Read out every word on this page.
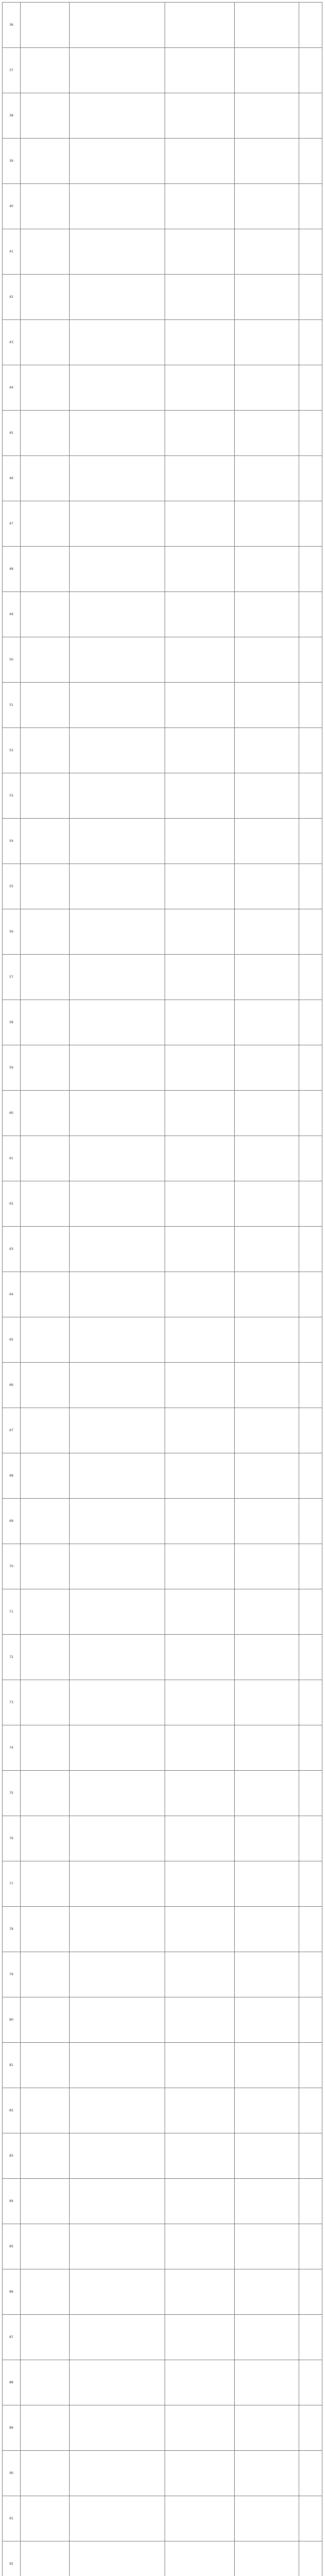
36					
37					
38					
39					
40					
41					
42					
43					
44					
45					
46					
47					
48					
49					
50					
51					
52					
53					
54					
55					
56					
57					
58					
59					
60					
61					
62					
63					
64					
65					
66					
67					
68					
69					
70					
71					
72					
73					
74					
75					
76					
77					
78					
79					
80					
81					
82					
83					
84					
85					
86					
87					
88					
89					
90					
91					
92					
